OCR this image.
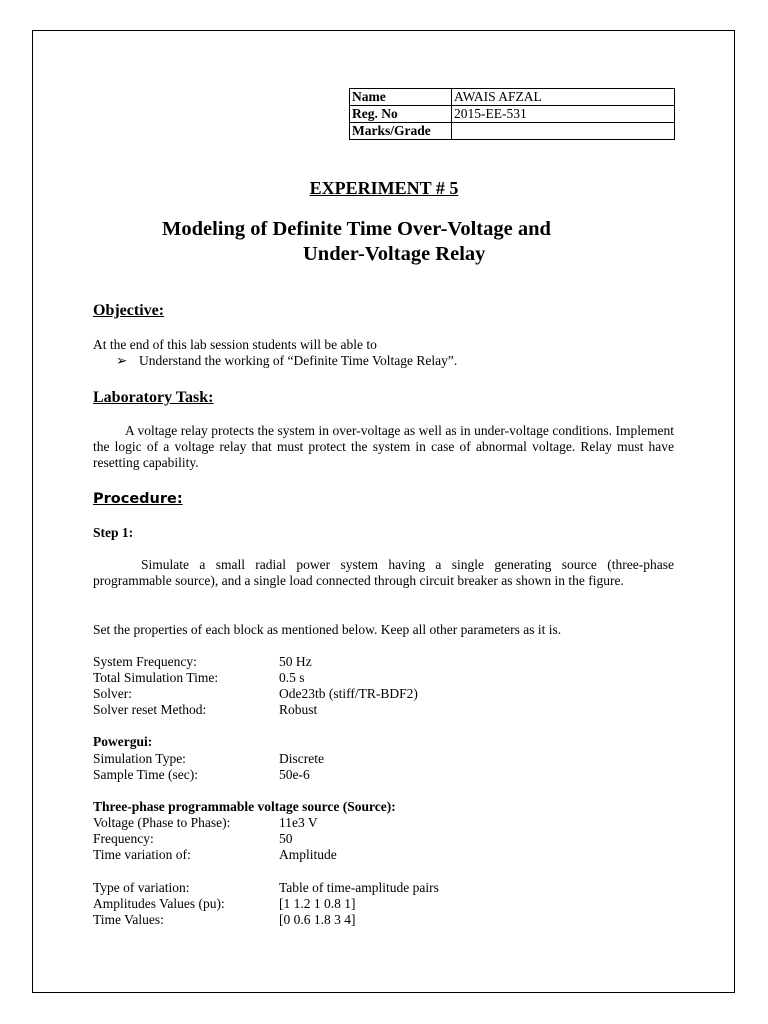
Name	AWAIS AFZAL
Reg. No	2015-EE-531
Marks/Grade	
EXPERIMENT # 5
Modeling of Definite Time Over-Voltage and
Under-Voltage Relay
Objective:
At the end of this lab session students will be able to
➢ Understand the working of “Definite Time Voltage Relay”.
Laboratory Task:
A voltage relay protects the system in over-voltage as well as in under-voltage conditions. Implement the logic of a voltage relay that must protect the system in case of abnormal voltage. Relay must have resetting capability.
Procedure:
Step 1:
Simulate a small radial power system having a single generating source (three-phase programmable source), and a single load connected through circuit breaker as shown in the figure.
Set the properties of each block as mentioned below. Keep all other parameters as it is.
System Frequency:	50 Hz
Total Simulation Time:	0.5 s
Solver:	Ode23tb (stiff/TR-BDF2)
Solver reset Method:	Robust
Powergui:
Simulation Type:	Discrete
Sample Time (sec):	50e-6
Three-phase programmable voltage source (Source):
Voltage (Phase to Phase):	11e3 V
Frequency:	50
Time variation of:	Amplitude
Type of variation:	Table of time-amplitude pairs
Amplitudes Values (pu):	[1 1.2 1 0.8 1]
Time Values:	[0 0.6 1.8 3 4]
